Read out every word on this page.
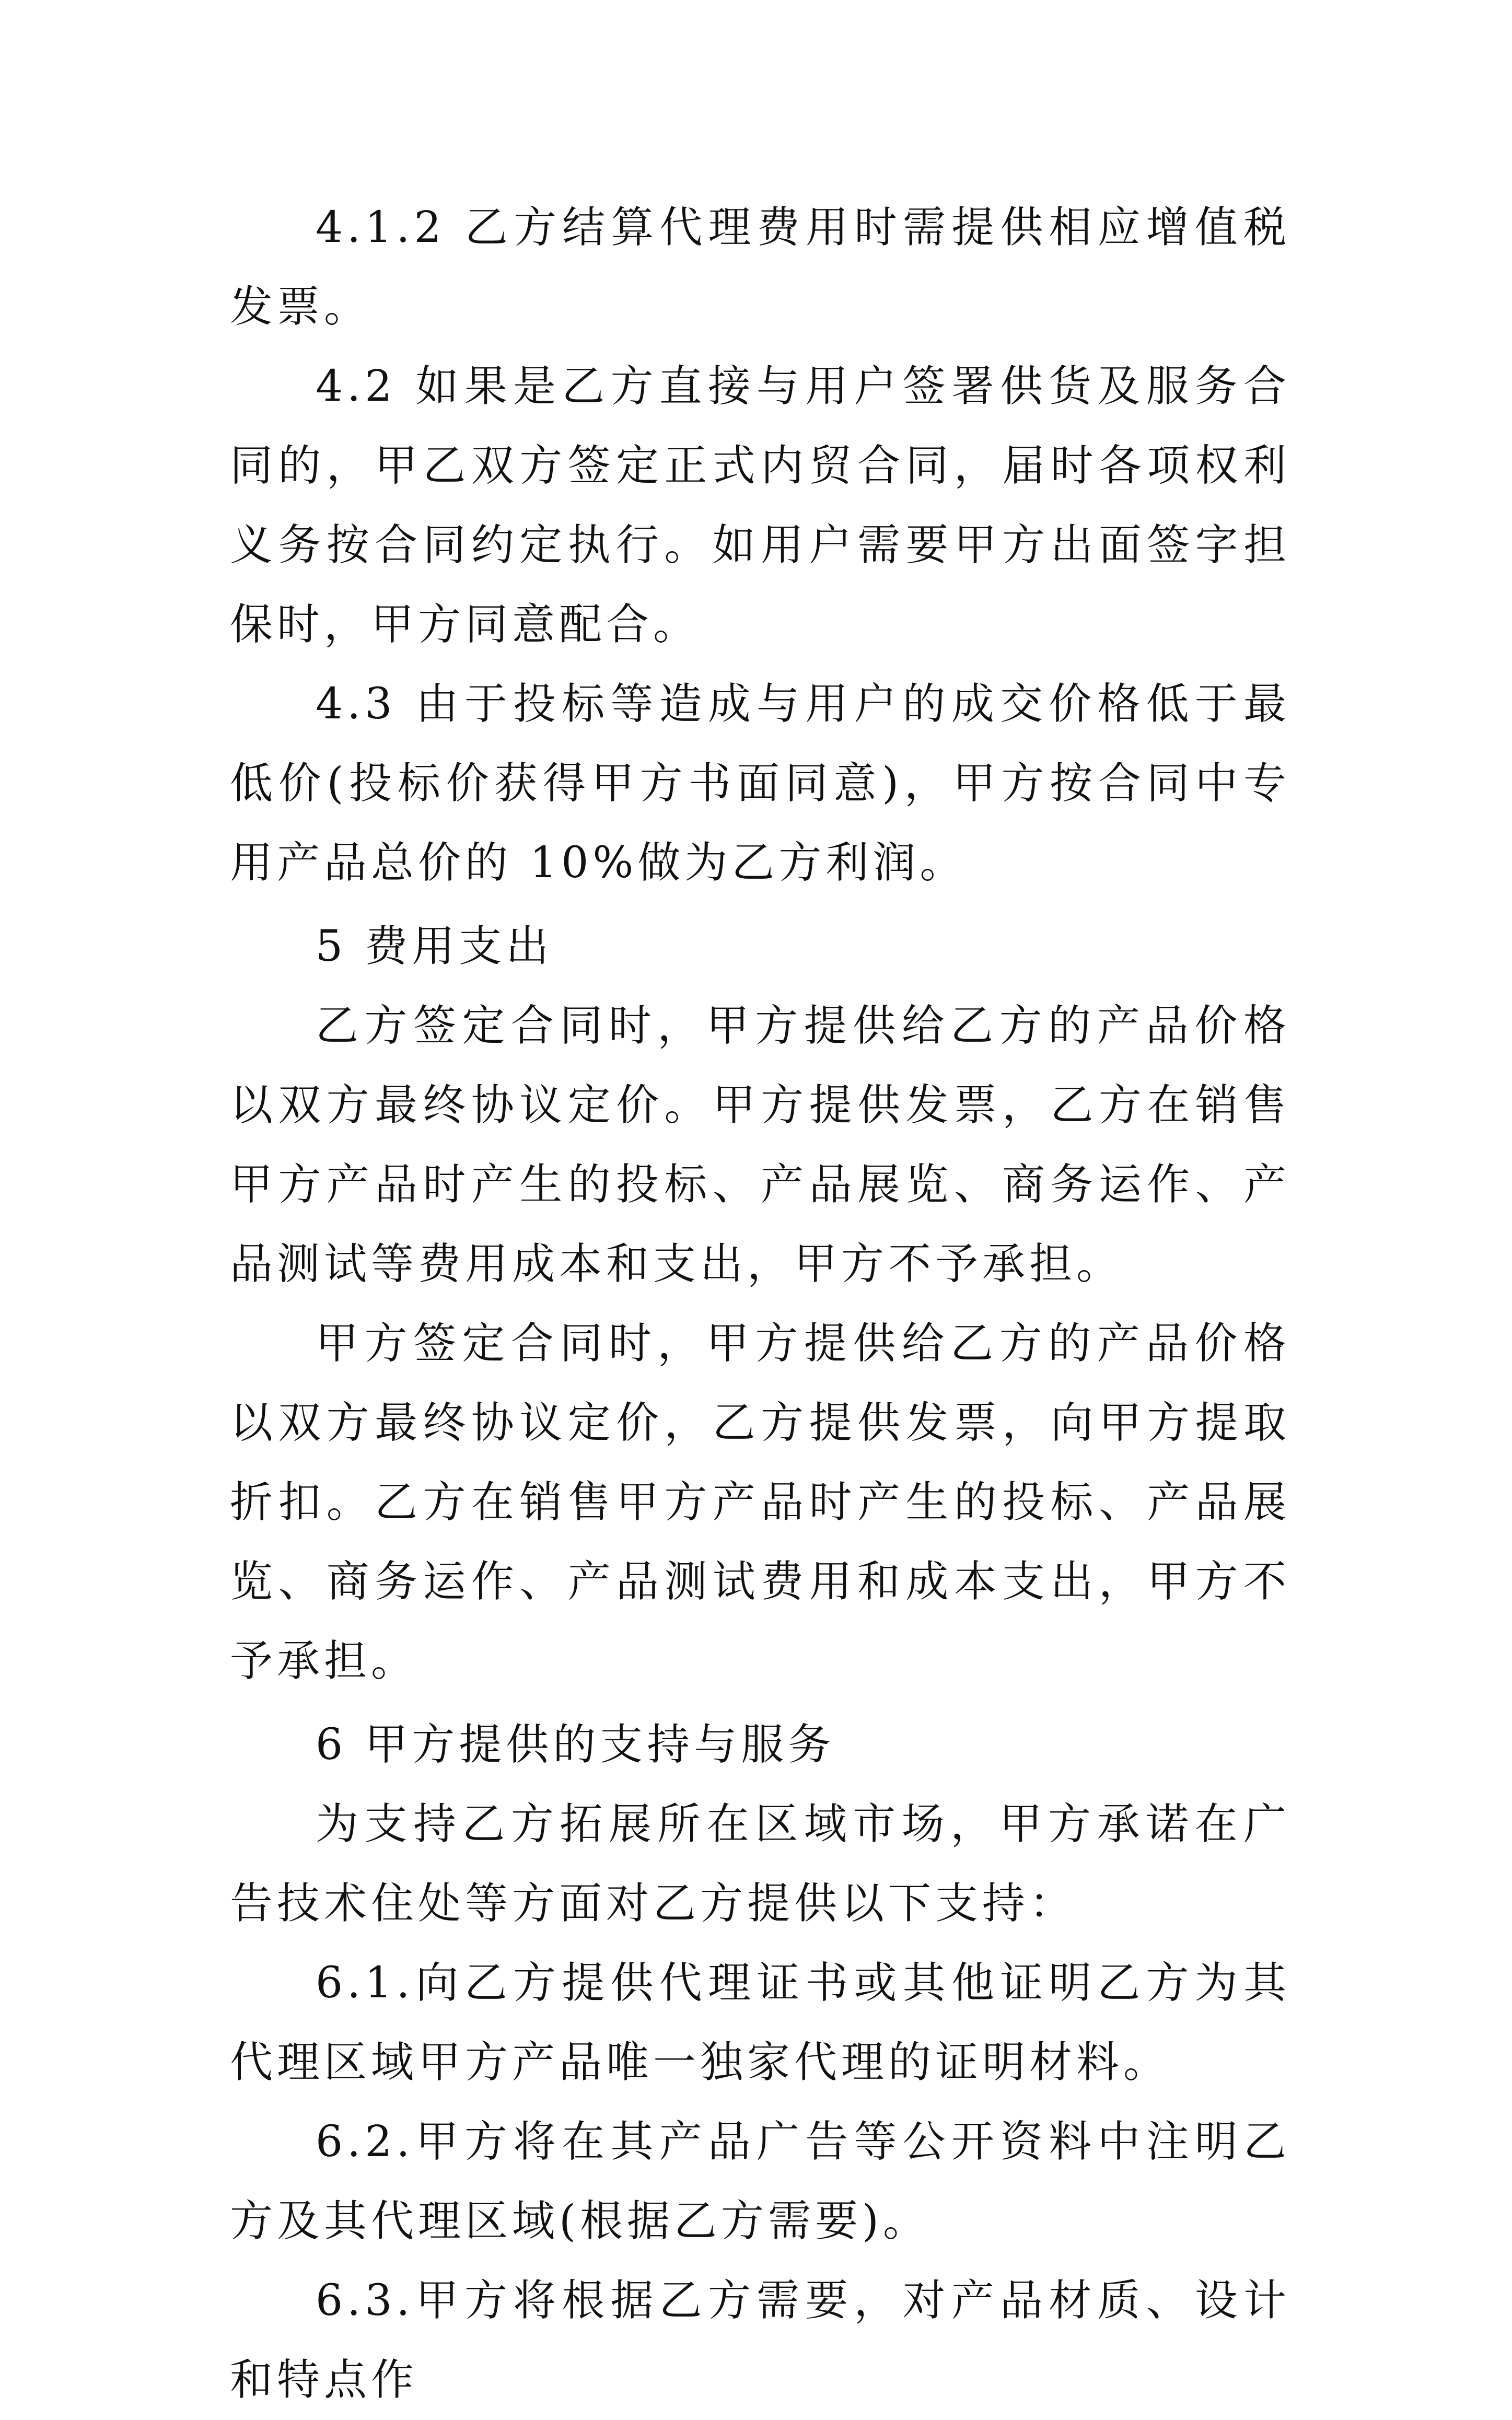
4.1.2 乙方结算代理费用时需提供相应增值税发票。

4.2 如果是乙方直接与用户签署供货及服务合同的，甲乙双方签定正式内贸合同，届时各项权利义务按合同约定执行。如用户需要甲方出面签字担保时，甲方同意配合。

4.3 由于投标等造成与用户的成交价格低于最低价(投标价获得甲方书面同意)，甲方按合同中专用产品总价的 10%做为乙方利润。

5 费用支出

乙方签定合同时，甲方提供给乙方的产品价格以双方最终协议定价。甲方提供发票，乙方在销售甲方产品时产生的投标、产品展览、商务运作、产品测试等费用成本和支出，甲方不予承担。

甲方签定合同时，甲方提供给乙方的产品价格以双方最终协议定价，乙方提供发票，向甲方提取折扣。乙方在销售甲方产品时产生的投标、产品展览、商务运作、产品测试费用和成本支出，甲方不予承担。

6 甲方提供的支持与服务

为支持乙方拓展所在区域市场，甲方承诺在广告技术住处等方面对乙方提供以下支持：

6.1.向乙方提供代理证书或其他证明乙方为其代理区域甲方产品唯一独家代理的证明材料。

6.2.甲方将在其产品广告等公开资料中注明乙方及其代理区域(根据乙方需要)。

6.3.甲方将根据乙方需要，对产品材质、设计和特点作
